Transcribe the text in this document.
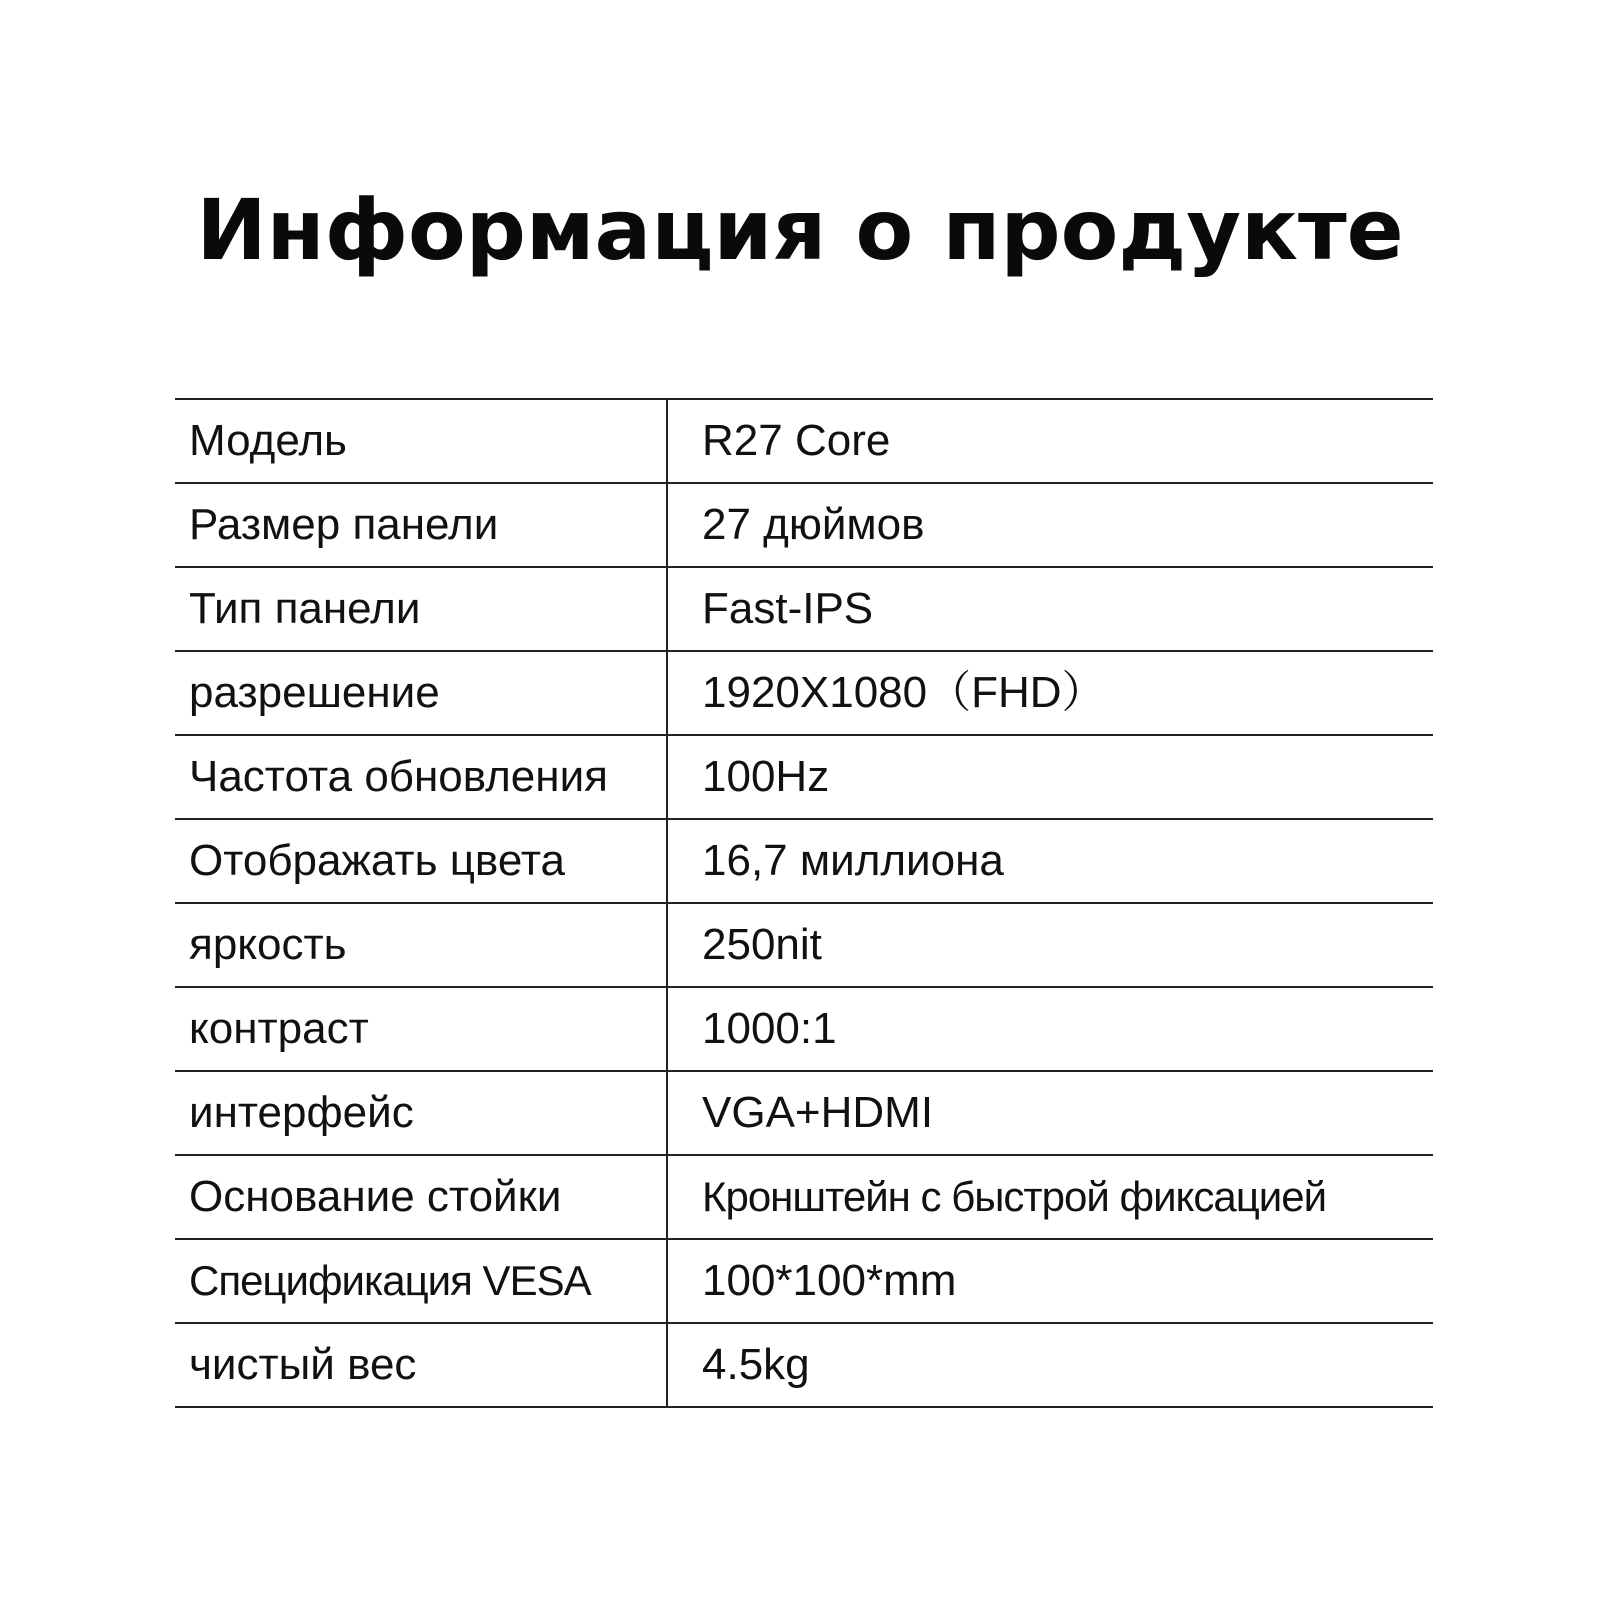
Информация о продукте
Модель	R27 Core
Размер панели	27 дюймов
Тип панели	Fast-IPS
разрешение	1920X1080（FHD）
Частота обновления	100Hz
Отображать цвета	16,7 миллиона
яркость	250nit
контраст	1000:1
интерфейс	VGA+HDMI
Основание стойки	Кронштейн с быстрой фиксацией
Спецификация VESA	100*100*mm
чистый вес	4.5kg
